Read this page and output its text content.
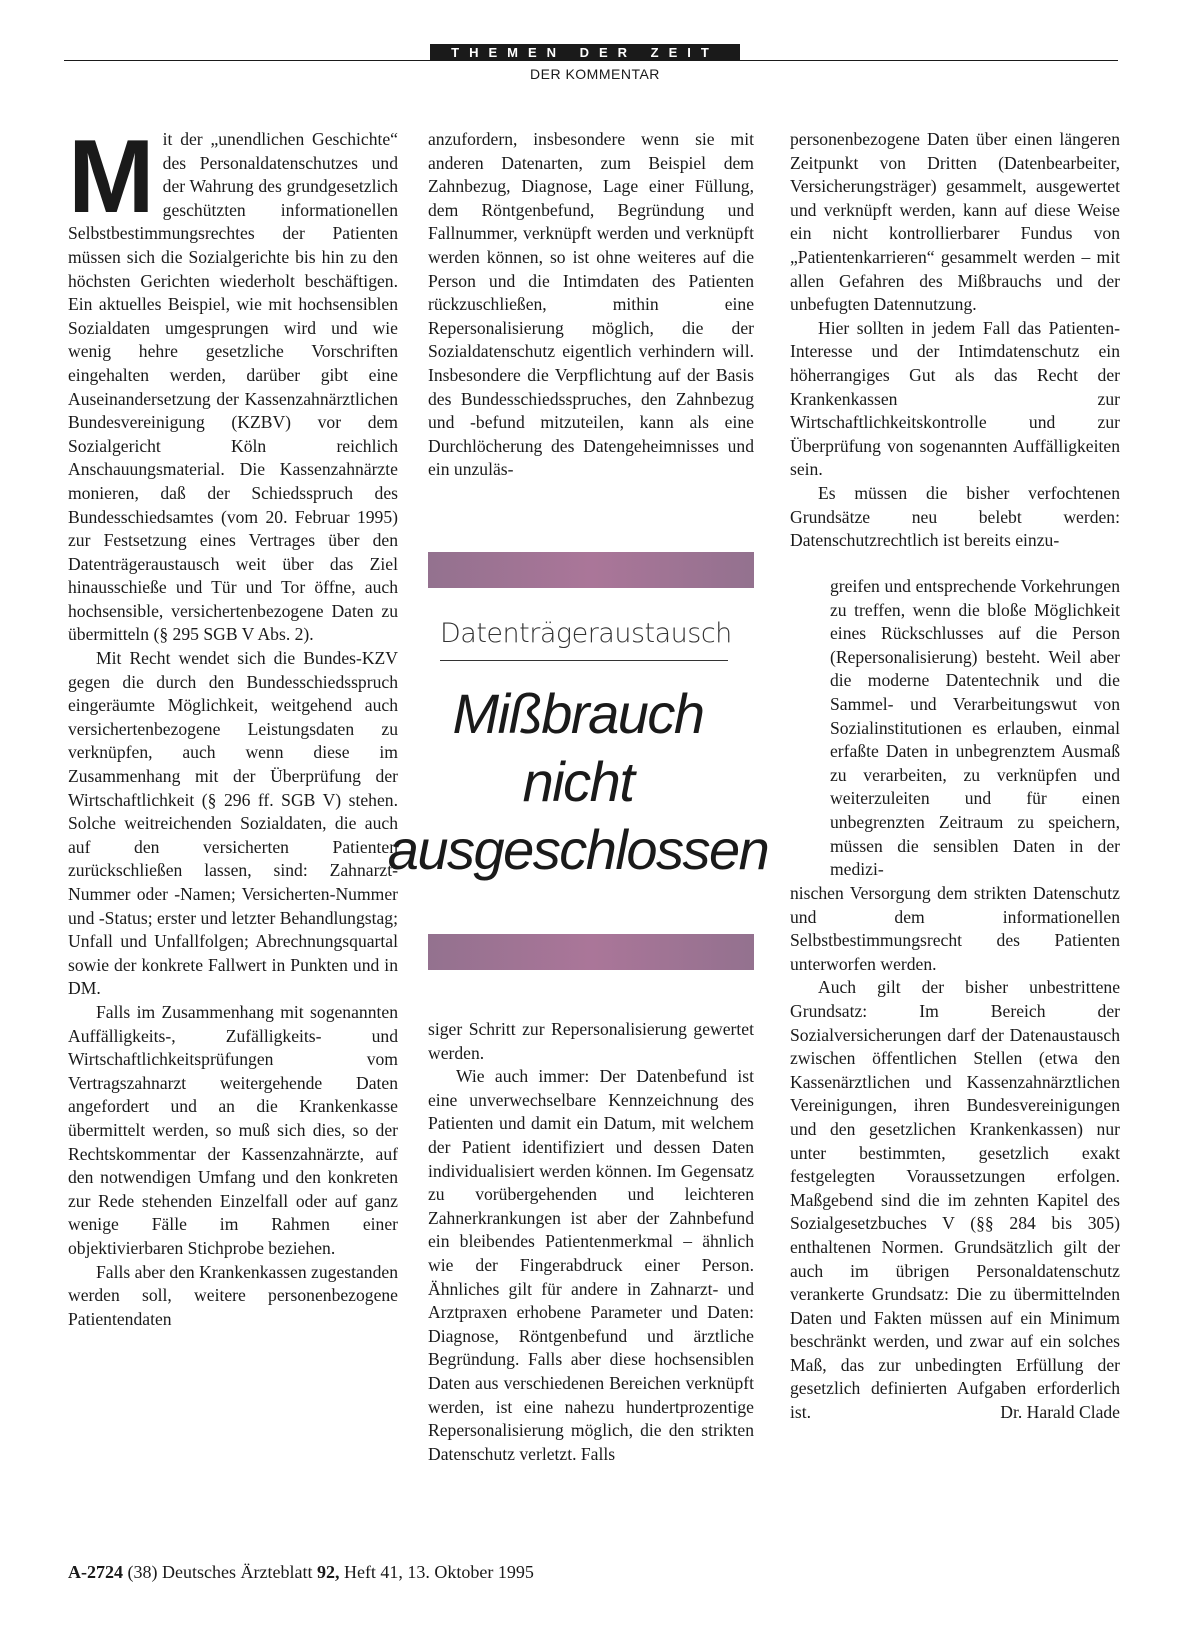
THEMEN DER ZEIT
DER KOMMENTAR

Mit der „unendlichen Geschichte“ des Personaldatenschutzes und der Wahrung des grundgesetzlich geschützten informationellen Selbstbestimmungsrechtes der Patienten müssen sich die Sozialgerichte bis hin zu den höchsten Gerichten wiederholt beschäftigen. Ein aktuelles Beispiel, wie mit hochsensiblen Sozialdaten umgesprungen wird und wie wenig hehre gesetzliche Vorschriften eingehalten werden, darüber gibt eine Auseinandersetzung der Kassenzahnärztlichen Bundesvereinigung (KZBV) vor dem Sozialgericht Köln reichlich Anschauungsmaterial. Die Kassenzahnärzte monieren, daß der Schiedsspruch des Bundesschiedsamtes (vom 20. Februar 1995) zur Festsetzung eines Vertrages über den Datenträgeraustausch weit über das Ziel hinausschieße und Tür und Tor öffne, auch hochsensible, versichertenbezogene Daten zu übermitteln (§ 295 SGB V Abs. 2).

Mit Recht wendet sich die Bundes-KZV gegen die durch den Bundesschiedsspruch eingeräumte Möglichkeit, weitgehend auch versichertenbezogene Leistungsdaten zu verknüpfen, auch wenn diese im Zusammenhang mit der Überprüfung der Wirtschaftlichkeit (§ 296 ff. SGB V) stehen. Solche weitreichenden Sozialdaten, die auch auf den versicherten Patienten zurückschließen lassen, sind: Zahnarzt-Nummer oder -Namen; Versicherten-Nummer und -Status; erster und letzter Behandlungstag; Unfall und Unfallfolgen; Abrechnungsquartal sowie der konkrete Fallwert in Punkten und in DM.

Falls im Zusammenhang mit sogenannten Auffälligkeits-, Zufälligkeits- und Wirtschaftlichkeitsprüfungen vom Vertragszahnarzt weitergehende Daten angefordert und an die Krankenkasse übermittelt werden, so muß sich dies, so der Rechtskommentar der Kassenzahnärzte, auf den notwendigen Umfang und den konkreten zur Rede stehenden Einzelfall oder auf ganz wenige Fälle im Rahmen einer objektivierbaren Stichprobe beziehen.

Falls aber den Krankenkassen zugestanden werden soll, weitere personenbezogene Patientendaten

anzufordern, insbesondere wenn sie mit anderen Datenarten, zum Beispiel dem Zahnbezug, Diagnose, Lage einer Füllung, dem Röntgenbefund, Begründung und Fallnummer, verknüpft werden und verknüpft werden können, so ist ohne weiteres auf die Person und die Intimdaten des Patienten rückzuschließen, mithin eine Repersonalisierung möglich, die der Sozialdatenschutz eigentlich verhindern will. Insbesondere die Verpflichtung auf der Basis des Bundesschiedsspruches, den Zahnbezug und -befund mitzuteilen, kann als eine Durchlöcherung des Datengeheimnisses und ein unzuläs-

Datenträgeraustausch
Mißbrauch
nicht
ausgeschlossen

siger Schritt zur Repersonalisierung gewertet werden.

Wie auch immer: Der Datenbefund ist eine unverwechselbare Kennzeichnung des Patienten und damit ein Datum, mit welchem der Patient identifiziert und dessen Daten individualisiert werden können. Im Gegensatz zu vorübergehenden und leichteren Zahnerkrankungen ist aber der Zahnbefund ein bleibendes Patientenmerkmal – ähnlich wie der Fingerabdruck einer Person. Ähnliches gilt für andere in Zahnarzt- und Arztpraxen erhobene Parameter und Daten: Diagnose, Röntgenbefund und ärztliche Begründung. Falls aber diese hochsensiblen Daten aus verschiedenen Bereichen verknüpft werden, ist eine nahezu hundertprozentige Repersonalisierung möglich, die den strikten Datenschutz verletzt. Falls

personenbezogene Daten über einen längeren Zeitpunkt von Dritten (Datenbearbeiter, Versicherungsträger) gesammelt, ausgewertet und verknüpft werden, kann auf diese Weise ein nicht kontrollierbarer Fundus von „Patientenkarrieren“ gesammelt werden – mit allen Gefahren des Mißbrauchs und der unbefugten Datennutzung.

Hier sollten in jedem Fall das Patienten-Interesse und der Intimdatenschutz ein höherrangiges Gut als das Recht der Krankenkassen zur Wirtschaftlichkeitskontrolle und zur Überprüfung von sogenannten Auffälligkeiten sein.

Es müssen die bisher verfochtenen Grundsätze neu belebt werden: Datenschutzrechtlich ist bereits einzu-

greifen und entsprechende Vorkehrungen zu treffen, wenn die bloße Möglichkeit eines Rückschlusses auf die Person (Repersonalisierung) besteht. Weil aber die moderne Datentechnik und die Sammel- und Verarbeitungswut von Sozialinstitutionen es erlauben, einmal erfaßte Daten in unbegrenztem Ausmaß zu verarbeiten, zu verknüpfen und weiterzuleiten und für einen unbegrenzten Zeitraum zu speichern, müssen die sensiblen Daten in der medizi-

nischen Versorgung dem strikten Datenschutz und dem informationellen Selbstbestimmungsrecht des Patienten unterworfen werden.

Auch gilt der bisher unbestrittene Grundsatz: Im Bereich der Sozialversicherungen darf der Datenaustausch zwischen öffentlichen Stellen (etwa den Kassenärztlichen und Kassenzahnärztlichen Vereinigungen, ihren Bundesvereinigungen und den gesetzlichen Krankenkassen) nur unter bestimmten, gesetzlich exakt festgelegten Voraussetzungen erfolgen. Maßgebend sind die im zehnten Kapitel des Sozialgesetzbuches V (§§ 284 bis 305) enthaltenen Normen. Grundsätzlich gilt der auch im übrigen Personaldatenschutz verankerte Grundsatz: Die zu übermittelnden Daten und Fakten müssen auf ein Minimum beschränkt werden, und zwar auf ein solches Maß, das zur unbedingten Erfüllung der gesetzlich definierten Aufgaben erforderlich ist.	Dr. Harald Clade

A-2724 (38) Deutsches Ärzteblatt 92, Heft 41, 13. Oktober 1995
